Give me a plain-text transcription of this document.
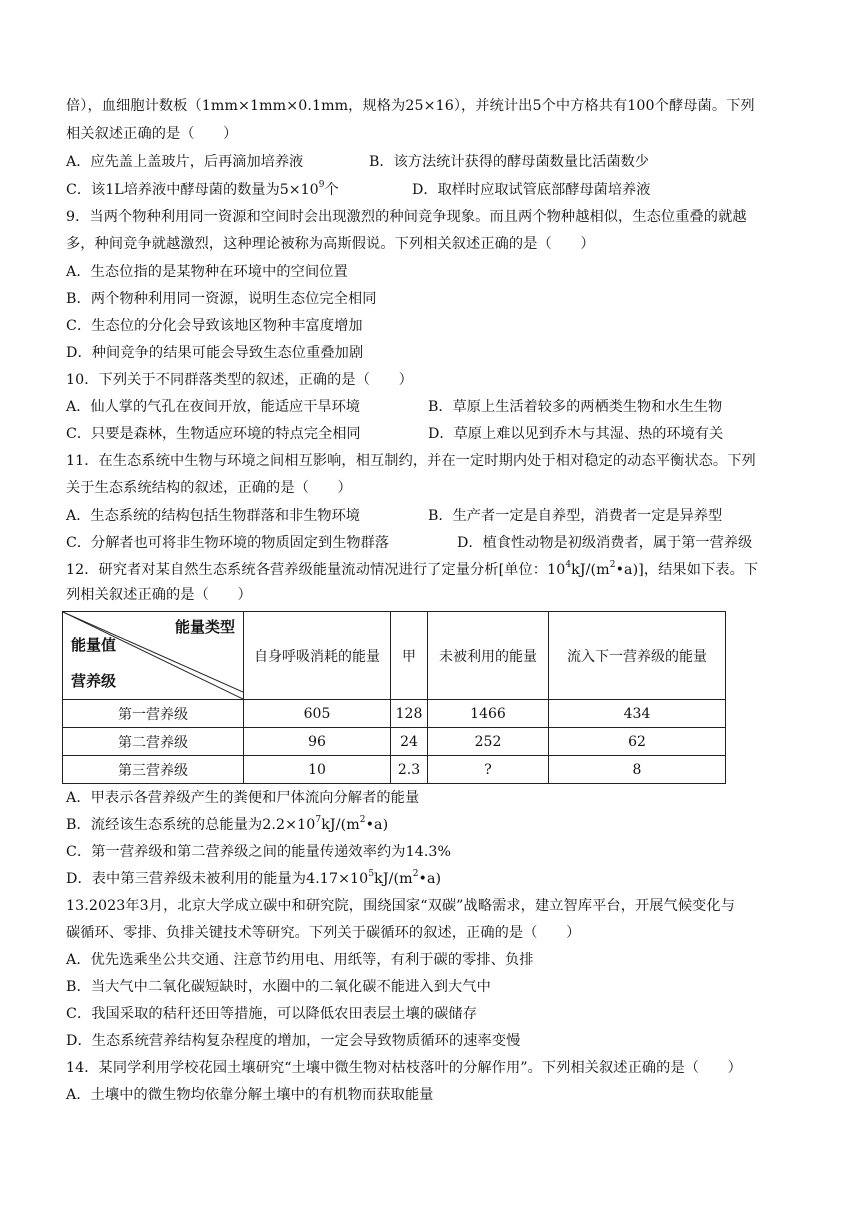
倍），血细胞计数板（1mm×1mm×0.1mm，规格为25×16），并统计出5个中方格共有100个酵母菌。下列
相关叙述正确的是（　　）
A．应先盖上盖玻片，后再滴加培养液	B．该方法统计获得的酵母菌数量比活菌数少
C．该1L培养液中酵母菌的数量为$5\times 10^9$个	D．取样时应取试管底部酵母菌培养液
9．当两个物种利用同一资源和空间时会出现激烈的种间竞争现象。而且两个物种越相似，生态位重叠的就越
多，种间竞争就越激烈，这种理论被称为高斯假说。下列相关叙述正确的是（　　）
A．生态位指的是某物种在环境中的空间位置
B．两个物种利用同一资源，说明生态位完全相同
C．生态位的分化会导致该地区物种丰富度增加
D．种间竞争的结果可能会导致生态位重叠加剧
10．下列关于不同群落类型的叙述，正确的是（　　）
A．仙人掌的气孔在夜间开放，能适应干旱环境	B．草原上生活着较多的两栖类生物和水生生物
C．只要是森林，生物适应环境的特点完全相同	D．草原上难以见到乔木与其湿、热的环境有关
11．在生态系统中生物与环境之间相互影响，相互制约，并在一定时期内处于相对稳定的动态平衡状态。下列
关于生态系统结构的叙述，正确的是（　　）
A．生态系统的结构包括生物群落和非生物环境	B．生产者一定是自养型，消费者一定是异养型
C．分解者也可将非生物环境的物质固定到生物群落	D．植食性动物是初级消费者，属于第一营养级
12．研究者对某自然生态系统各营养级能量流动情况进行了定量分析[单位：$10^4kJ/(m^2•a)$]，结果如下表。下
列相关叙述正确的是（　　）
能量类型
能量值
营养级	自身呼吸消耗的能量	甲	未被利用的能量	流入下一营养级的能量
第一营养级	605	128	1466	434
第二营养级	96	24	252	62
第三营养级	10	2.3	?	8
A．甲表示各营养级产生的粪便和尸体流向分解者的能量
B．流经该生态系统的总能量为$2.2\times 10^7kJ/(m^2•a)$
C．第一营养级和第二营养级之间的能量传递效率约为14.3%
D．表中第三营养级未被利用的能量为$4.17\times 10^5kJ/(m^2•a)$
13.2023年3月，北京大学成立碳中和研究院，围绕国家“双碳”战略需求，建立智库平台，开展气候变化与
碳循环、零排、负排关键技术等研究。下列关于碳循环的叙述，正确的是（　　）
A．优先选乘坐公共交通、注意节约用电、用纸等，有利于碳的零排、负排
B．当大气中二氧化碳短缺时，水圈中的二氧化碳不能进入到大气中
C．我国采取的秸秆还田等措施，可以降低农田表层土壤的碳储存
D．生态系统营养结构复杂程度的增加，一定会导致物质循环的速率变慢
14．某同学利用学校花园土壤研究“土壤中微生物对枯枝落叶的分解作用”。下列相关叙述正确的是（　　）
A．土壤中的微生物均依靠分解土壤中的有机物而获取能量
